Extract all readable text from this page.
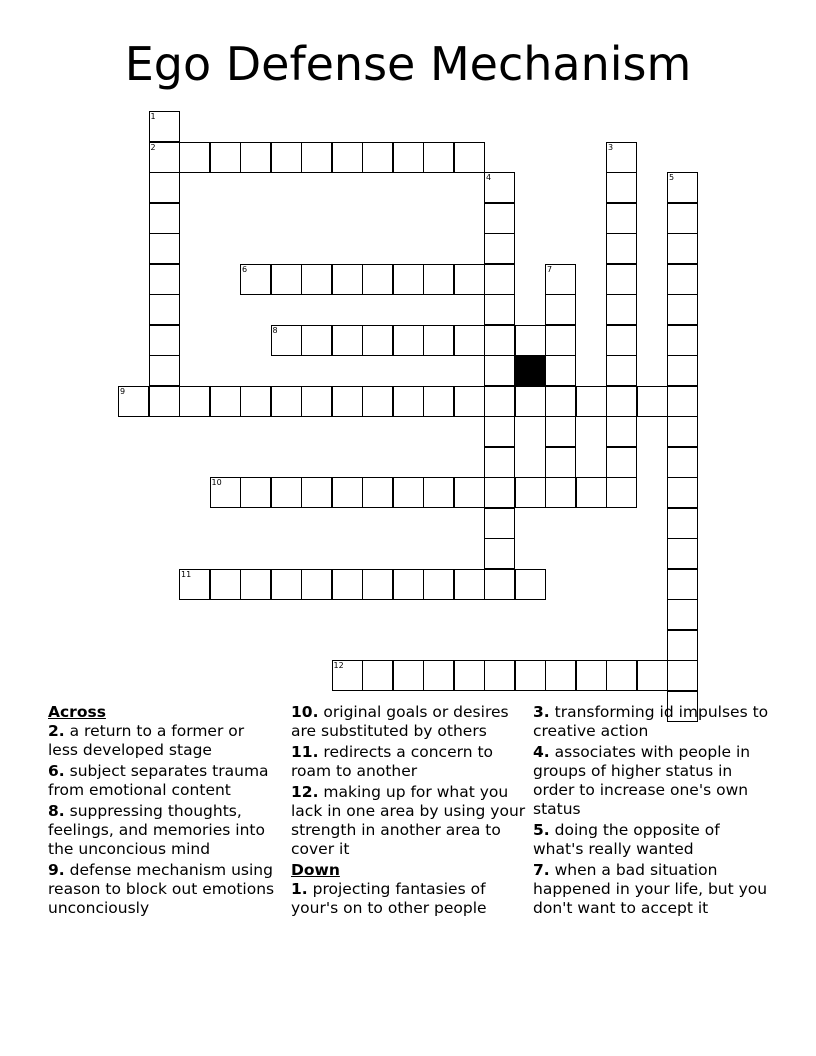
Ego Defense Mechanism
1
2	3
4	5
6	7
8
9
10
11
12
Across
2. a return to a former or less developed stage
6. subject separates trauma from emotional content
8. suppressing thoughts, feelings, and memories into the unconcious mind
9. defense mechanism using reason to block out emotions unconciously
10. original goals or desires are substituted by others
11. redirects a concern to roam to another
12. making up for what you lack in one area by using your strength in another area to cover it
Down
1. projecting fantasies of your's on to other people
3. transforming id impulses to creative action
4. associates with people in groups of higher status in order to increase one's own status
5. doing the opposite of what's really wanted
7. when a bad situation happened in your life, but you don't want to accept it
